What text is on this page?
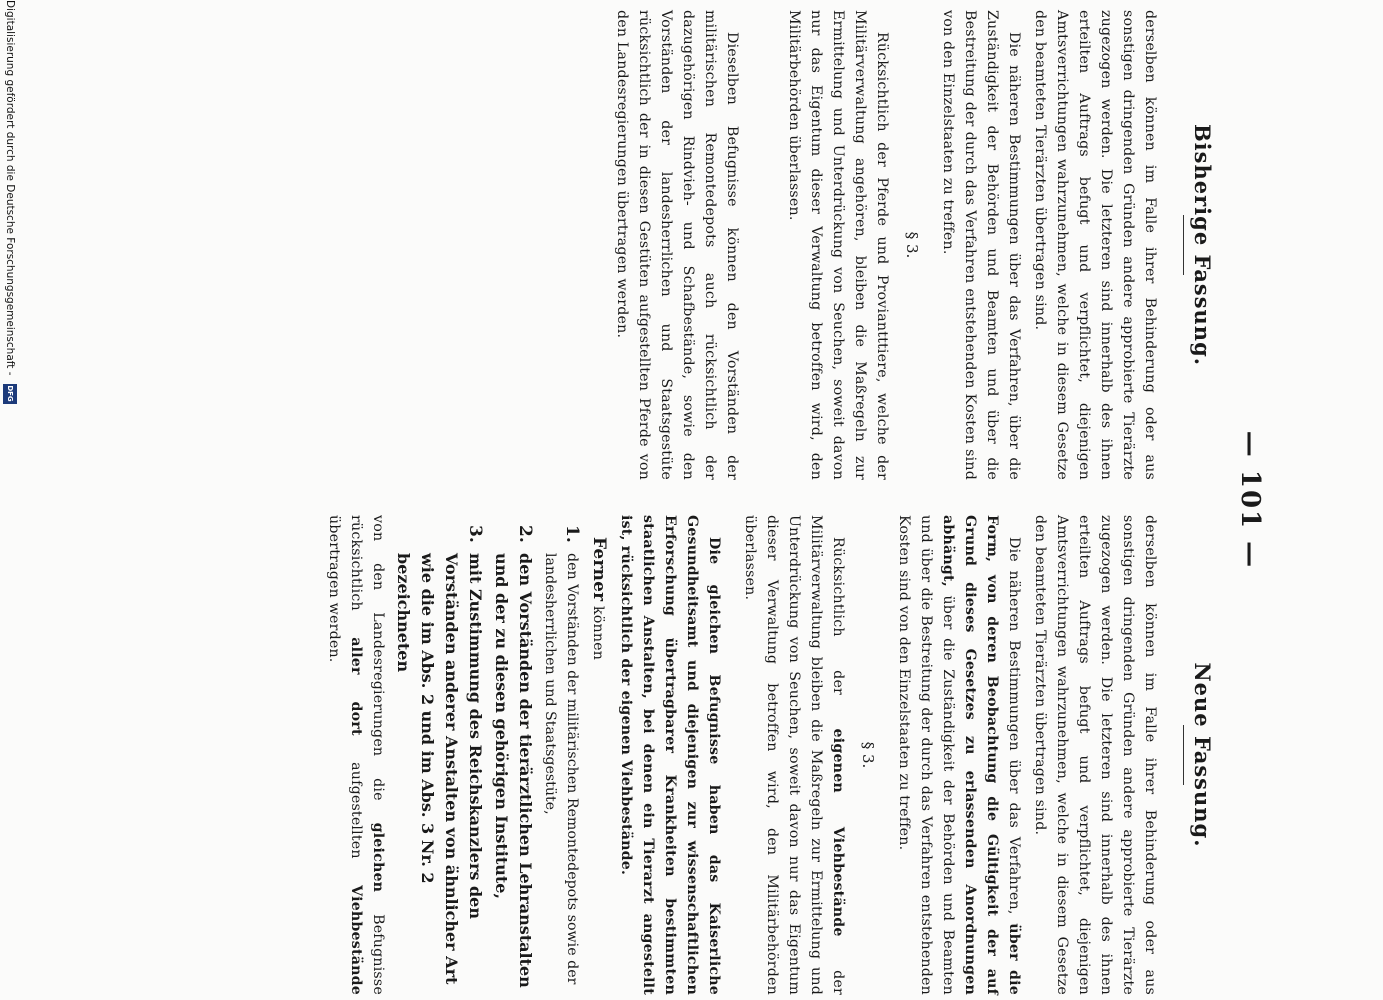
— 101 —
Bisherige Fassung.

derselben können im Falle ihrer Behinderung oder aus sonstigen dringenden Gründen andere approbierte Tierärzte zugezogen werden. Die letzteren sind innerhalb des ihnen erteilten Auftrags befugt und verpflichtet, diejenigen Amtsverrichtungen wahrzunehmen, welche in diesem Gesetze den beamteten Tierärzten übertragen sind.

Die näheren Bestimmungen über das Verfahren, über die Zuständigkeit der Behörden und Beamten und über die Bestreitung der durch das Verfahren entstehenden Kosten sind von den Einzelstaaten zu treffen.

§ 3.

Rücksichtlich der Pferde und Proviantttiere, welche der Militärverwaltung angehören, bleiben die Maßregeln zur Ermittelung und Unterdrückung von Seuchen, soweit davon nur das Eigentum dieser Verwaltung betroffen wird, den Militärbehörden überlassen.

Dieselben Befugnisse können den Vorständen der militärischen Remontedepots auch rücksichtlich der dazugehörigen Rindvieh- und Schafbestände, sowie den Vorständen der landesherrlichen und Staatsgestüte rücksichtlich der in diesen Gestüten aufgestellten Pferde von den Landesregierungen übertragen werden.

Neue Fassung.

derselben können im Falle ihrer Behinderung oder aus sonstigen dringenden Gründen andere approbierte Tierärzte zugezogen werden. Die letzteren sind innerhalb des ihnen erteilten Auftrags befugt und verpflichtet, diejenigen Amtsverrichtungen wahrzunehmen, welche in diesem Gesetze den beamteten Tierärzten übertragen sind.

Die näheren Bestimmungen über das Verfahren, über die Form, von deren Beobachtung die Gültigkeit der auf Grund dieses Gesetzes zu erlassenden Anordnungen abhängt, über die Zuständigkeit der Behörden und Beamten und über die Bestreitung der durch das Verfahren entstehenden Kosten sind von den Einzelstaaten zu treffen.

§ 3.

Rücksichtlich der eigenen Viehbestände der Militärverwaltung bleiben die Maßregeln zur Ermittelung und Unterdrückung von Seuchen, soweit davon nur das Eigentum dieser Verwaltung betroffen wird, den Militärbehörden überlassen.

Die gleichen Befugnisse haben das Kaiserliche Gesundheitsamt und diejenigen zur wissenschaftlichen Erforschung übertragbarer Krankheiten bestimmten staatlichen Anstalten, bei denen ein Tierarzt angestellt ist, rücksichtlich der eigenen Viehbestände.

Ferner können

1.
den Vorständen der militärischen Remontedepots sowie der landesherrlichen und Staatsgestüte,
2.
den Vorständen der tierärztlichen Lehranstalten und der zu diesen gehörigen Institute,
3.
mit Zustimmung des Reichskanzlers den Vorständen anderer Anstalten von ähnlicher Art wie die im Abs. 2 und im Abs. 3 Nr. 2 bezeichneten

von den Landesregierungen die gleichen Befugnisse rücksichtlich aller dort aufgestellten Viehbestände übertragen werden.

Digitalisierung gefördert durch die Deutsche Forschungsgemeinschaft -
DFG
